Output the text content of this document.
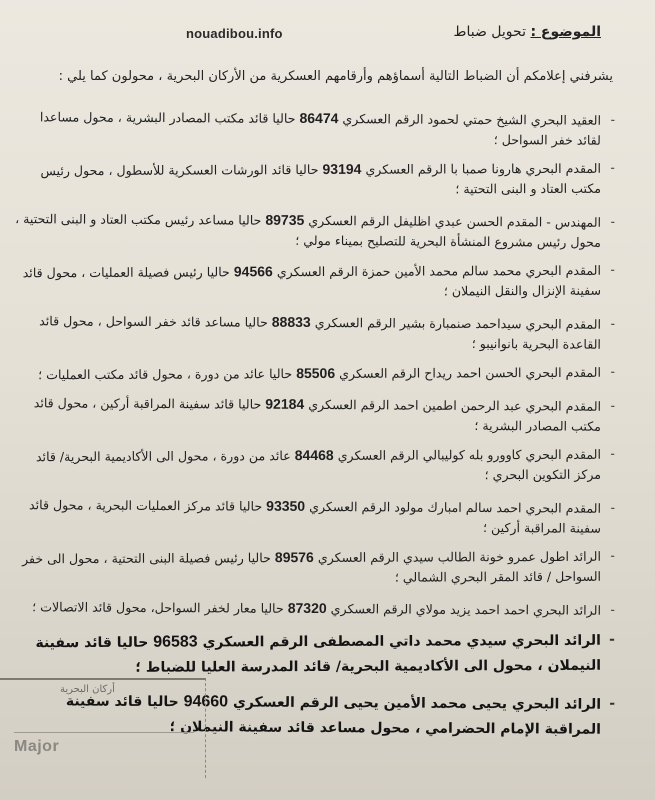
nouadibou.info	الموضوع : تحويل ضباط
يشرفني إعلامكم أن الضباط التالية أسماؤهم وأرقامهم العسكرية من الأركان البحرية ، محولون كما يلي :
- العقيد البحري الشيخ حمتي لحمود الرقم العسكري 86474 حاليا قائد مكتب المصادر البشرية ، محول مساعدا لقائد خفر السواحل ؛
- المقدم البحري هارونا صمبا با الرقم العسكري 93194 حاليا قائد الورشات العسكرية للأسطول ، محول رئيس مكتب العتاد و البنى التحتية ؛
- المهندس - المقدم الحسن عبدي اظليفل الرقم العسكري 89735 حاليا مساعد رئيس مكتب العتاد و البنى التحتية ، محول رئيس مشروع المنشأة البحرية للتصليح بميناء مولي ؛
- المقدم البحري محمد سالم محمد الأمين حمزة الرقم العسكري 94566 حاليا رئيس فصيلة العمليات ، محول قائد سفينة الإنزال والنقل النيملان ؛
- المقدم البحري سيداحمد صنمبارة بشير الرقم العسكري 88833 حاليا مساعد قائد خفر السواحل ، محول قائد القاعدة البحرية بانوانيبو ؛
- المقدم البحري الحسن احمد ريداح الرقم العسكري 85506 حاليا عائد من دورة ، محول قائد مكتب العمليات ؛
- المقدم البحري عبد الرحمن اطمين احمد الرقم العسكري 92184 حاليا قائد سفينة المراقبة أركين ، محول قائد مكتب المصادر البشرية ؛
- المقدم البحري كاوورو بله كوليبالي الرقم العسكري 84468 عائد من دورة ، محول الى الأكاديمية البحرية/ قائد مركز التكوين البحري ؛
- المقدم البحري احمد سالم امبارك مولود الرقم العسكري 93350 حاليا قائد مركز العمليات البحرية ، محول قائد سفينة المراقبة أركين ؛
- الرائد اطول عمرو خونة الطالب سيدي الرقم العسكري 89576 حاليا رئيس فصيلة البنى التحتية ، محول الى خفر السواحل / قائد المقر البحري الشمالي ؛
- الرائد البحري احمد احمد يزيد مولاي الرقم العسكري 87320 حاليا معار لخفر السواحل، محول قائد الاتصالات ؛
- الرائد البحري سيدي محمد داتي المصطفى الرقم العسكري 96583 حاليا قائد سفينة النيملان ، محول الى الأكاديمية البحرية/ قائد المدرسة العليا للضباط ؛
- الرائد البحري يحيى محمد الأمين يحيى الرقم العسكري 94660 حاليا قائد سفينة المراقبة الإمام الحضرامي ، محول مساعد قائد سفينة النيملان ؛
أركان البحرية
Major
